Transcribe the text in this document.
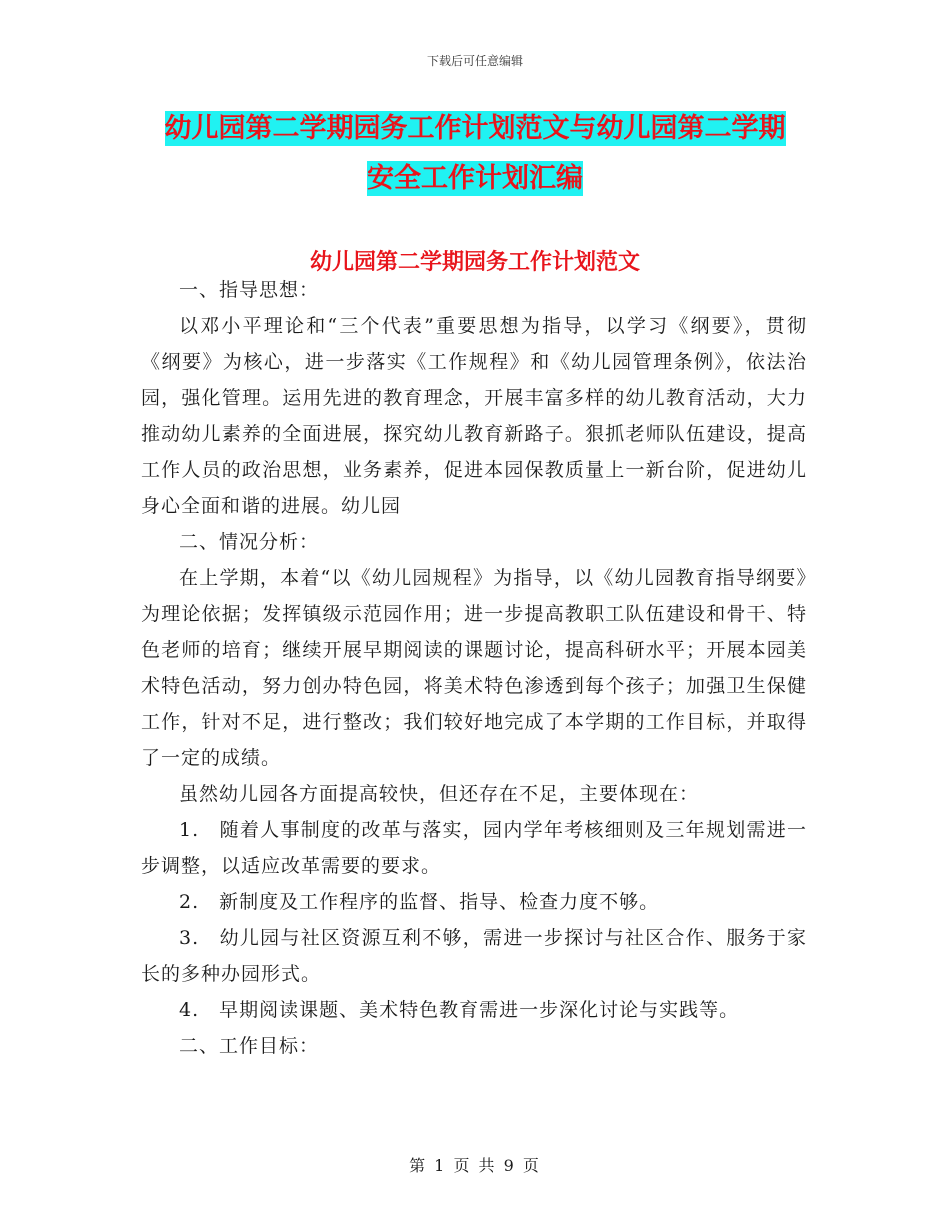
下载后可任意编辑
幼儿园第二学期园务工作计划范文与幼儿园第二学期
安全工作计划汇编
幼儿园第二学期园务工作计划范文

一、指导思想：

以邓小平理论和“三个代表”重要思想为指导，以学习《纲要》，贯彻《纲要》为核心，进一步落实《工作规程》和《幼儿园管理条例》，依法治园，强化管理。运用先进的教育理念，开展丰富多样的幼儿教育活动，大力推动幼儿素养的全面进展，探究幼儿教育新路子。狠抓老师队伍建设，提高工作人员的政治思想，业务素养，促进本园保教质量上一新台阶，促进幼儿身心全面和谐的进展。幼儿园

二、情况分析：

在上学期，本着“以《幼儿园规程》为指导，以《幼儿园教育指导纲要》为理论依据；发挥镇级示范园作用；进一步提高教职工队伍建设和骨干、特色老师的培育；继续开展早期阅读的课题讨论，提高科研水平；开展本园美术特色活动，努力创办特色园，将美术特色渗透到每个孩子；加强卫生保健工作，针对不足，进行整改；我们较好地完成了本学期的工作目标，并取得了一定的成绩。

虽然幼儿园各方面提高较快，但还存在不足，主要体现在：

1.　随着人事制度的改革与落实，园内学年考核细则及三年规划需进一步调整，以适应改革需要的要求。

2.　新制度及工作程序的监督、指导、检查力度不够。

3.　幼儿园与社区资源互利不够，需进一步探讨与社区合作、服务于家长的多种办园形式。

4.　早期阅读课题、美术特色教育需进一步深化讨论与实践等。

二、工作目标：

第 1 页 共 9 页
